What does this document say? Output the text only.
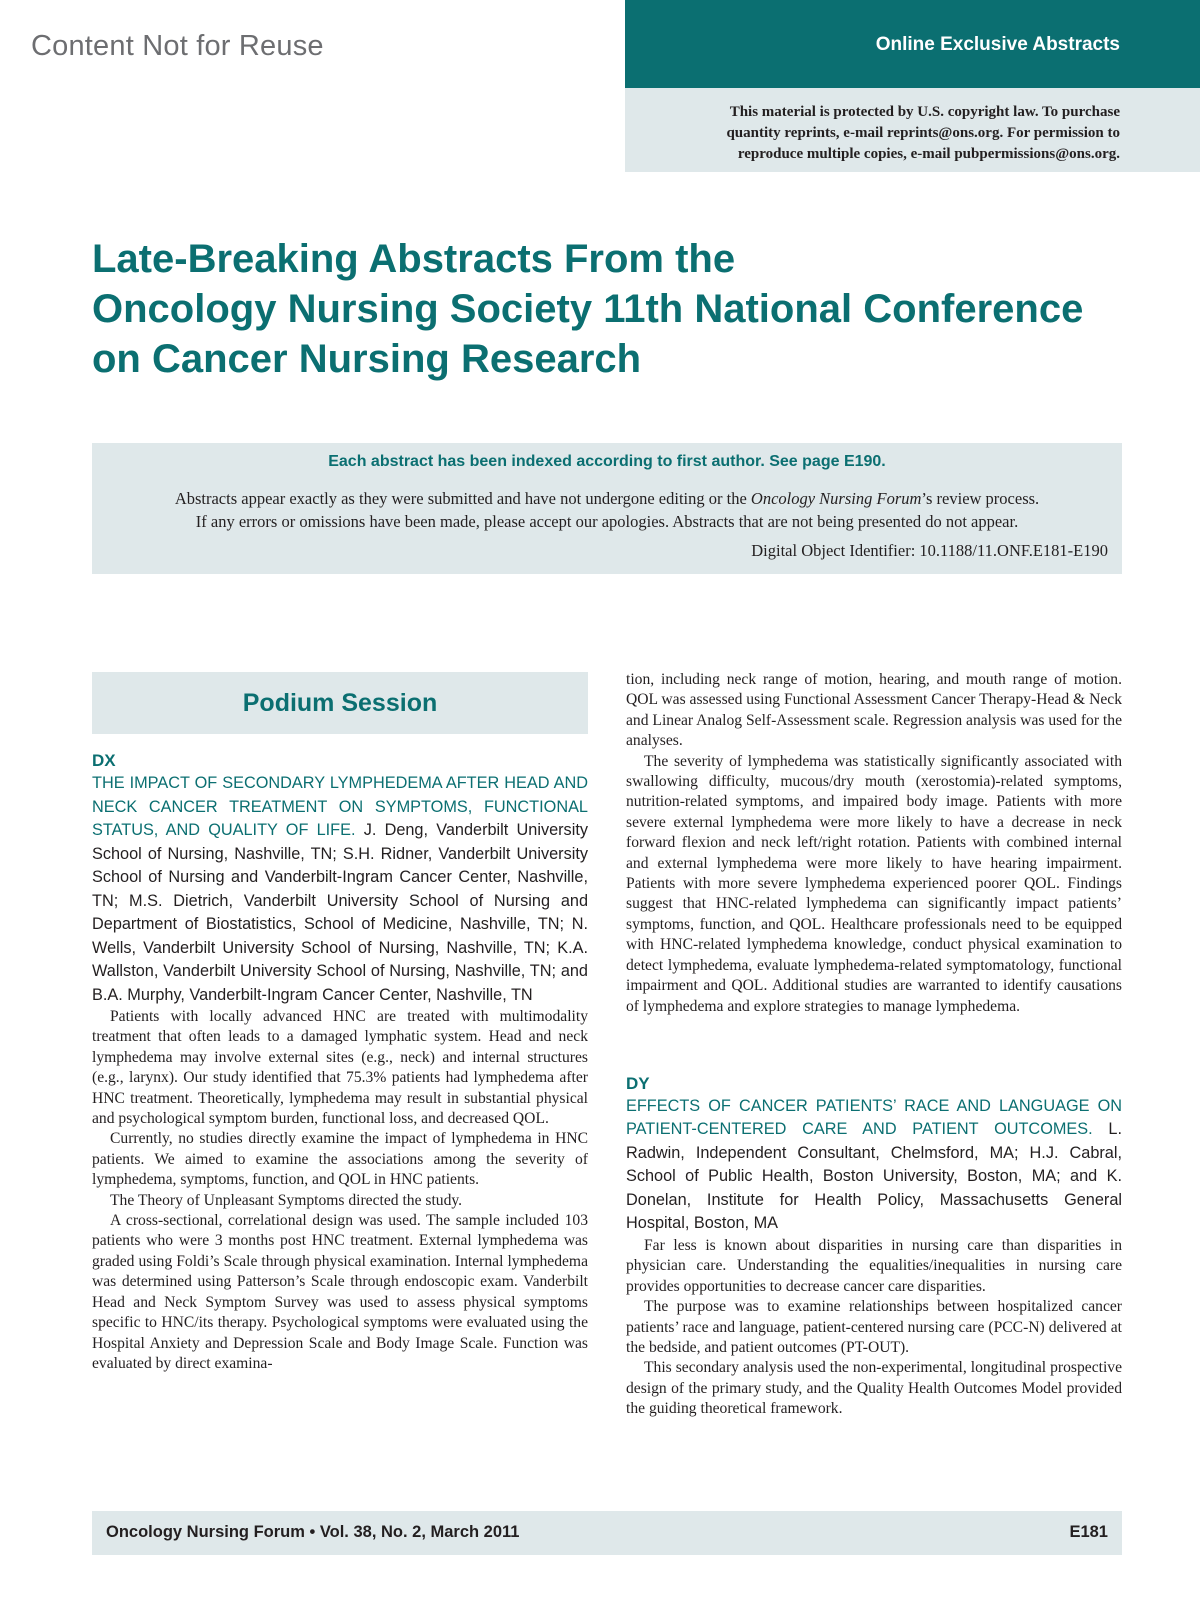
Content Not for Reuse	Online Exclusive Abstracts
This material is protected by U.S. copyright law. To purchase
quantity reprints, e-mail reprints@ons.org. For permission to
reproduce multiple copies, e-mail pubpermissions@ons.org.
Late-Breaking Abstracts From the
Oncology Nursing Society 11th National Conference
on Cancer Nursing Research
Each abstract has been indexed according to first author. See page E190.
Abstracts appear exactly as they were submitted and have not undergone editing or the Oncology Nursing Forum’s review process.
If any errors or omissions have been made, please accept our apologies. Abstracts that are not being presented do not appear.
Digital Object Identifier: 10.1188/11.ONF.E181-E190
Podium Session
DX
THE IMPACT OF SECONDARY LYMPHEDEMA AFTER HEAD AND NECK CANCER TREATMENT ON SYMPTOMS, FUNCTIONAL STATUS, AND QUALITY OF LIFE. J. Deng, Vanderbilt University School of Nursing, Nashville, TN; S.H. Ridner, Vanderbilt University School of Nursing and Vanderbilt-Ingram Cancer Center, Nashville, TN; M.S. Dietrich, Vanderbilt University School of Nursing and Department of Biostatistics, School of Medicine, Nashville, TN; N. Wells, Vanderbilt University School of Nursing, Nashville, TN; K.A. Wallston, Vanderbilt University School of Nursing, Nashville, TN; and B.A. Murphy, Vanderbilt-Ingram Cancer Center, Nashville, TN

Patients with locally advanced HNC are treated with multimodality treatment that often leads to a damaged lymphatic system. Head and neck lymphedema may involve external sites (e.g., neck) and internal structures (e.g., larynx). Our study identified that 75.3% patients had lymphedema after HNC treatment. Theoretically, lymphedema may result in substantial physical and psychological symptom burden, functional loss, and decreased QOL.

Currently, no studies directly examine the impact of lymphedema in HNC patients. We aimed to examine the associations among the severity of lymphedema, symptoms, function, and QOL in HNC patients.

The Theory of Unpleasant Symptoms directed the study.

A cross-sectional, correlational design was used. The sample included 103 patients who were 3 months post HNC treatment. External lymphedema was graded using Foldi’s Scale through physical examination. Internal lymphedema was determined using Patterson’s Scale through endoscopic exam. Vanderbilt Head and Neck Symptom Survey was used to assess physical symptoms specific to HNC/its therapy. Psychological symptoms were evaluated using the Hospital Anxiety and Depression Scale and Body Image Scale. Function was evaluated by direct examina-

tion, including neck range of motion, hearing, and mouth range of motion. QOL was assessed using Functional Assessment Cancer Therapy-Head & Neck and Linear Analog Self-Assessment scale. Regression analysis was used for the analyses.

The severity of lymphedema was statistically significantly associated with swallowing difficulty, mucous/dry mouth (xerostomia)-related symptoms, nutrition-related symptoms, and impaired body image. Patients with more severe external lymphedema were more likely to have a decrease in neck forward flexion and neck left/right rotation. Patients with combined internal and external lymphedema were more likely to have hearing impairment. Patients with more severe lymphedema experienced poorer QOL. Findings suggest that HNC-related lymphedema can significantly impact patients’ symptoms, function, and QOL. Healthcare professionals need to be equipped with HNC-related lymphedema knowledge, conduct physical examination to detect lymphedema, evaluate lymphedema-related symptomatology, functional impairment and QOL. Additional studies are warranted to identify causations of lymphedema and explore strategies to manage lymphedema.

DY
EFFECTS OF CANCER PATIENTS’ RACE AND LANGUAGE ON PATIENT-CENTERED CARE AND PATIENT OUTCOMES. L. Radwin, Independent Consultant, Chelmsford, MA; H.J. Cabral, School of Public Health, Boston University, Boston, MA; and K. Donelan, Institute for Health Policy, Massachusetts General Hospital, Boston, MA

Far less is known about disparities in nursing care than disparities in physician care. Understanding the equalities/inequalities in nursing care provides opportunities to decrease cancer care disparities.

The purpose was to examine relationships between hospitalized cancer patients’ race and language, patient-centered nursing care (PCC-N) delivered at the bedside, and patient outcomes (PT-OUT).

This secondary analysis used the non-experimental, longitudinal prospective design of the primary study, and the Quality Health Outcomes Model provided the guiding theoretical framework.

Oncology Nursing Forum • Vol. 38, No. 2, March 2011	E181
